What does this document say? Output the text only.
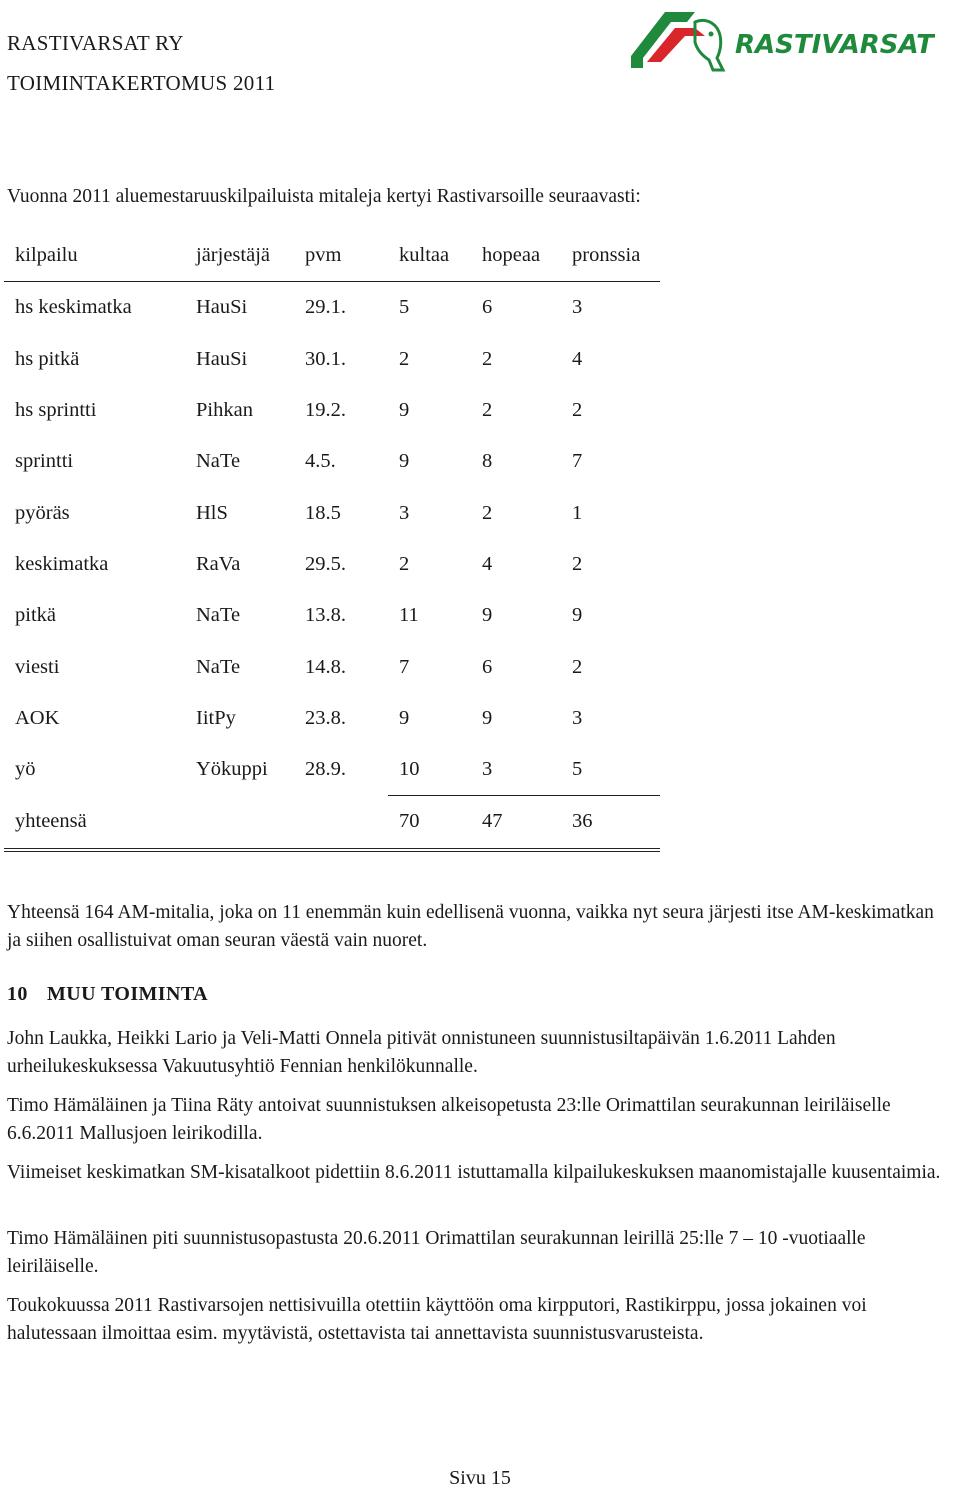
RASTIVARSAT RY
TOIMINTAKERTOMUS 2011
RASTIVARSAT
Vuonna 2011 aluemestaruuskilpailuista mitaleja kertyi Rastivarsoille seuraavasti:
kilpailu	järjestäjä	pvm	kultaa	hopeaa	pronssia
hs keskimatka	HauSi	29.1.	5	6	3
hs pitkä	HauSi	30.1.	2	2	4
hs sprintti	Pihkan	19.2.	9	2	2
sprintti	NaTe	4.5.	9	8	7
pyöräs	HlS	18.5	3	2	1
keskimatka	RaVa	29.5.	2	4	2
pitkä	NaTe	13.8.	11	9	9
viesti	NaTe	14.8.	7	6	2
AOK	IitPy	23.8.	9	9	3
yö	Yökuppi	28.9.	10	3	5
yhteensä			70	47	36
Yhteensä 164 AM-mitalia, joka on 11 enemmän kuin edellisenä vuonna, vaikka nyt seura järjesti itse AM-keskimatkan ja siihen osallistuivat oman seuran väestä vain nuoret.
10 MUU TOIMINTA
John Laukka, Heikki Lario ja Veli-Matti Onnela pitivät onnistuneen suunnistusiltapäivän 1.6.2011 Lahden urheilukeskuksessa Vakuutusyhtiö Fennian henkilökunnalle.
Timo Hämäläinen ja Tiina Räty antoivat suunnistuksen alkeisopetusta 23:lle Orimattilan seurakunnan leiriläiselle 6.6.2011 Mallusjoen leirikodilla.
Viimeiset keskimatkan SM-kisatalkoot pidettiin 8.6.2011 istuttamalla kilpailukeskuksen maanomistajalle kuusentaimia.
Timo Hämäläinen piti suunnistusopastusta 20.6.2011 Orimattilan seurakunnan leirillä 25:lle 7 – 10 -vuotiaalle leiriläiselle.
Toukokuussa 2011 Rastivarsojen nettisivuilla otettiin käyttöön oma kirpputori, Rastikirppu, jossa jokainen voi halutessaan ilmoittaa esim. myytävistä, ostettavista tai annettavista suunnistusvarusteista.
Sivu 15
